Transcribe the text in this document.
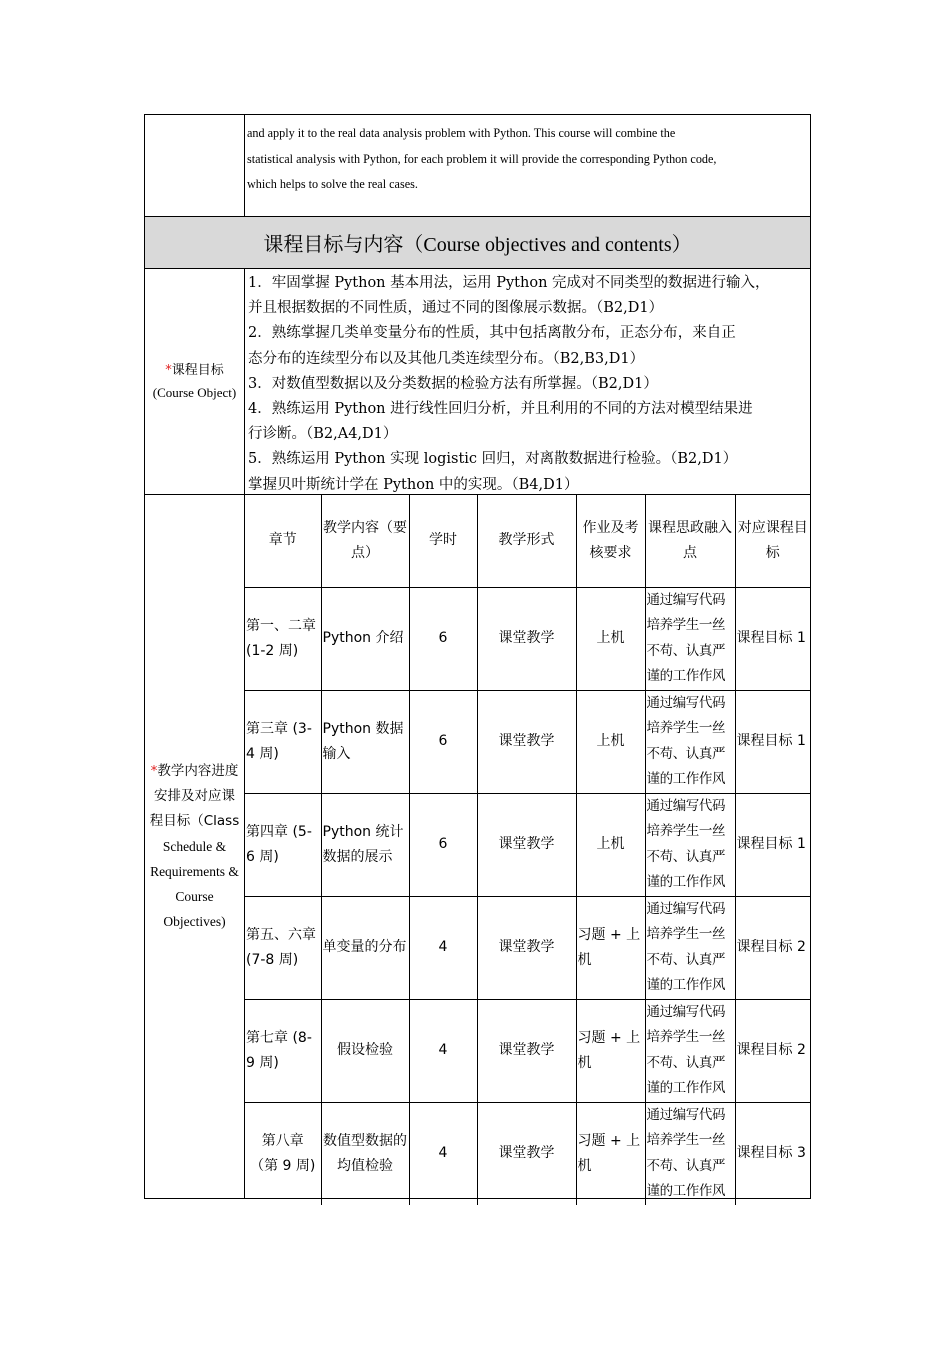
and apply it to the real data analysis problem with Python. This course will combine the
statistical analysis with Python, for each problem it will provide the corresponding Python code,
which helps to solve the real cases.
课程目标与内容 （Course objectives and contents）
*课程目标
(Course Object)

1．牢固掌握 Python 基本用法，运用 Python 完成对不同类型的数据进行输入，

并且根据数据的不同性质，通过不同的图像展示数据。（B2,D1）

2．熟练掌握几类单变量分布的性质，其中包括离散分布，正态分布，来自正

态分布的连续型分布以及其他几类连续型分布。（B2,B3,D1）

3．对数值型数据以及分类数据的检验方法有所掌握。（B2,D1）

4．熟练运用 Python 进行线性回归分析，并且利用的不同的方法对模型结果进

行诊断。（B2,A4,D1）

5．熟练运用 Python 实现 logistic 回归，对离散数据进行检验。（B2,D1）

掌握贝叶斯统计学在 Python 中的实现。（B4,D1）

*教学内容进度
安排及对应课
程目标（Class
Schedule &
Requirements &
Course
Objectives)
章节	教学内容（要点）	学时	教学形式	作业及考核要求	课程思政融入点	对应课程目标
第一、二章 (1-2 周)	Python 介绍	6	课堂教学	上机	通过编写代码培养学生一丝不苟、认真严谨的工作作风	课程目标 1
第三章 (3-4 周)	Python 数据输入	6	课堂教学	上机	通过编写代码培养学生一丝不苟、认真严谨的工作作风	课程目标 1
第四章 (5-6 周)	Python 统计数据的展示	6	课堂教学	上机	通过编写代码培养学生一丝不苟、认真严谨的工作作风	课程目标 1
第五、六章 (7-8 周)	单变量的分布	4	课堂教学	习题 + 上机	通过编写代码培养学生一丝不苟、认真严谨的工作作风	课程目标 2
第七章 (8-9 周)	假设检验	4	课堂教学	习题 + 上机	通过编写代码培养学生一丝不苟、认真严谨的工作作风	课程目标 2
第八章 （第 9 周)	数值型数据的均值检验	4	课堂教学	习题 + 上机	通过编写代码培养学生一丝不苟、认真严谨的工作作风	课程目标 3
